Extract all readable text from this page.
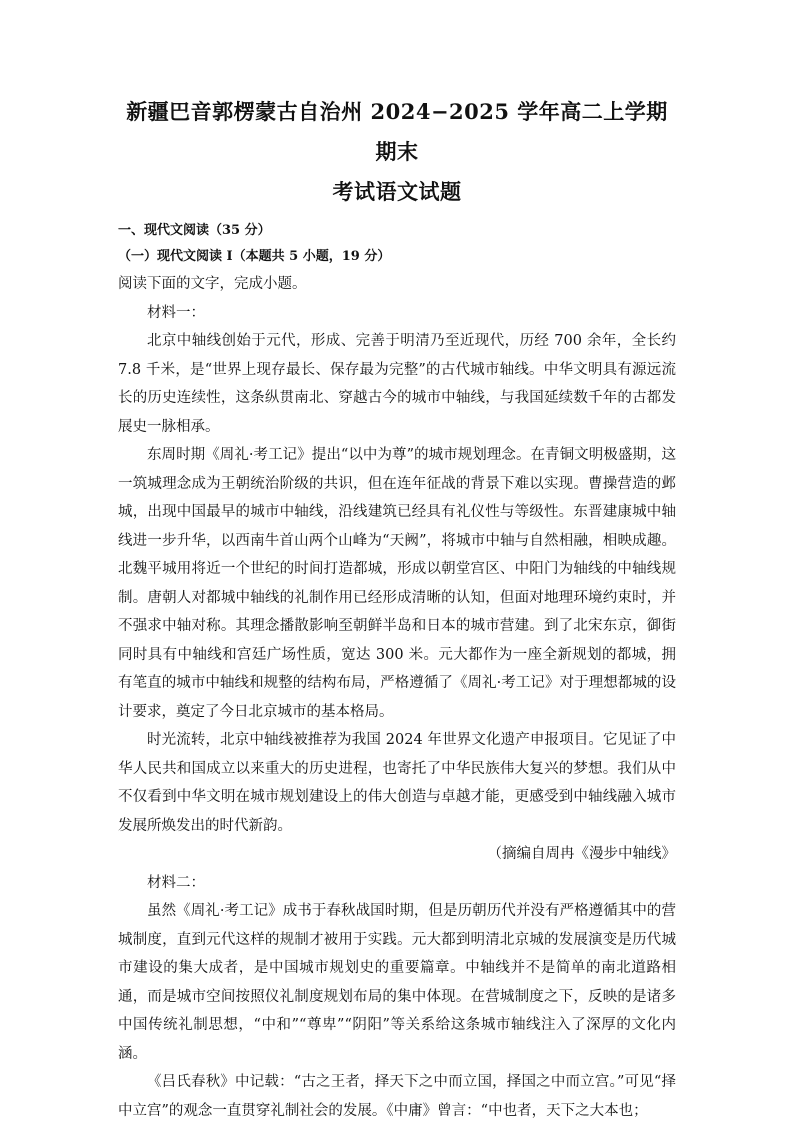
新疆巴音郭楞蒙古自治州 2024−2025 学年高二上学期期末
考试语文试题

一、现代文阅读（35 分）

（一）现代文阅读 I（本题共 5 小题，19 分）

阅读下面的文字，完成小题。

材料一：

北京中轴线创始于元代，形成、完善于明清乃至近现代，历经 700 余年，全长约 7.8 千米，是“世界上现存最长、保存最为完整”的古代城市轴线。中华文明具有源远流长的历史连续性，这条纵贯南北、穿越古今的城市中轴线，与我国延续数千年的古都发展史一脉相承。

东周时期《周礼·考工记》提出“以中为尊”的城市规划理念。在青铜文明极盛期，这一筑城理念成为王朝统治阶级的共识，但在连年征战的背景下难以实现。曹操营造的邺城，出现中国最早的城市中轴线，沿线建筑已经具有礼仪性与等级性。东晋建康城中轴线进一步升华，以西南牛首山两个山峰为“天阙”，将城市中轴与自然相融，相映成趣。北魏平城用将近一个世纪的时间打造都城，形成以朝堂宫区、中阳门为轴线的中轴线规制。唐朝人对都城中轴线的礼制作用已经形成清晰的认知，但面对地理环境约束时，并不强求中轴对称。其理念播散影响至朝鲜半岛和日本的城市营建。到了北宋东京，御街同时具有中轴线和宫廷广场性质，宽达 300 米。元大都作为一座全新规划的都城，拥有笔直的城市中轴线和规整的结构布局，严格遵循了《周礼·考工记》对于理想都城的设计要求，奠定了今日北京城市的基本格局。

时光流转，北京中轴线被推荐为我国 2024 年世界文化遗产申报项目。它见证了中华人民共和国成立以来重大的历史进程，也寄托了中华民族伟大复兴的梦想。我们从中不仅看到中华文明在城市规划建设上的伟大创造与卓越才能，更感受到中轴线融入城市发展所焕发出的时代新韵。

（摘编自周冉《漫步中轴线》

材料二：

虽然《周礼·考工记》成书于春秋战国时期，但是历朝历代并没有严格遵循其中的营城制度，直到元代这样的规制才被用于实践。元大都到明清北京城的发展演变是历代城市建设的集大成者，是中国城市规划史的重要篇章。中轴线并不是简单的南北道路相通，而是城市空间按照仪礼制度规划布局的集中体现。在营城制度之下，反映的是诸多中国传统礼制思想，“中和”“尊卑”“阴阳”等关系给这条城市轴线注入了深厚的文化内涵。

《吕氏春秋》中记载：“古之王者，择天下之中而立国，择国之中而立宫。”可见“择中立宫”的观念一直贯穿礼制社会的发展。《中庸》曾言：“中也者，天下之大本也；
